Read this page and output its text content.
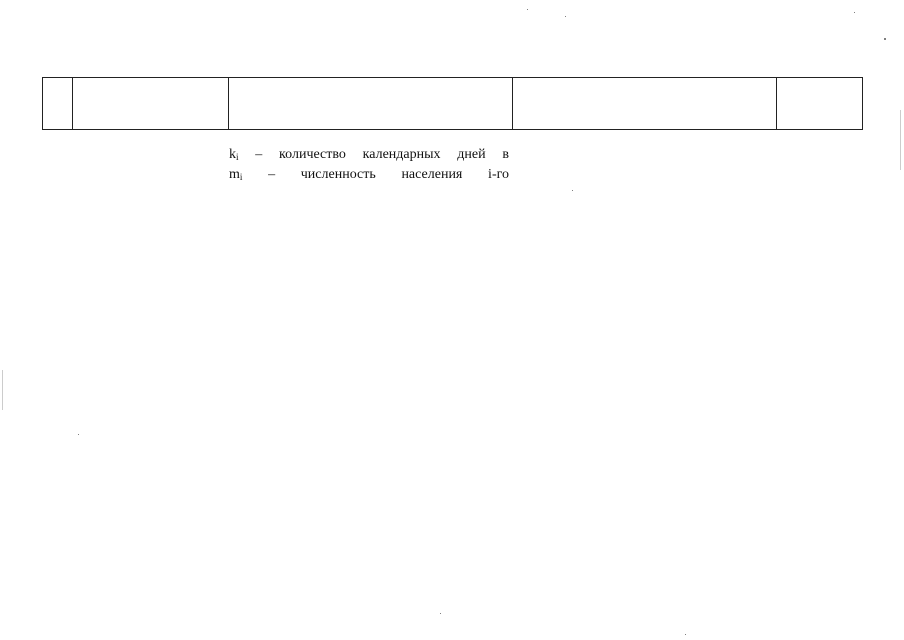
$k_i$ – количество календарных дней в
$m_i$ – численность населения i-го
